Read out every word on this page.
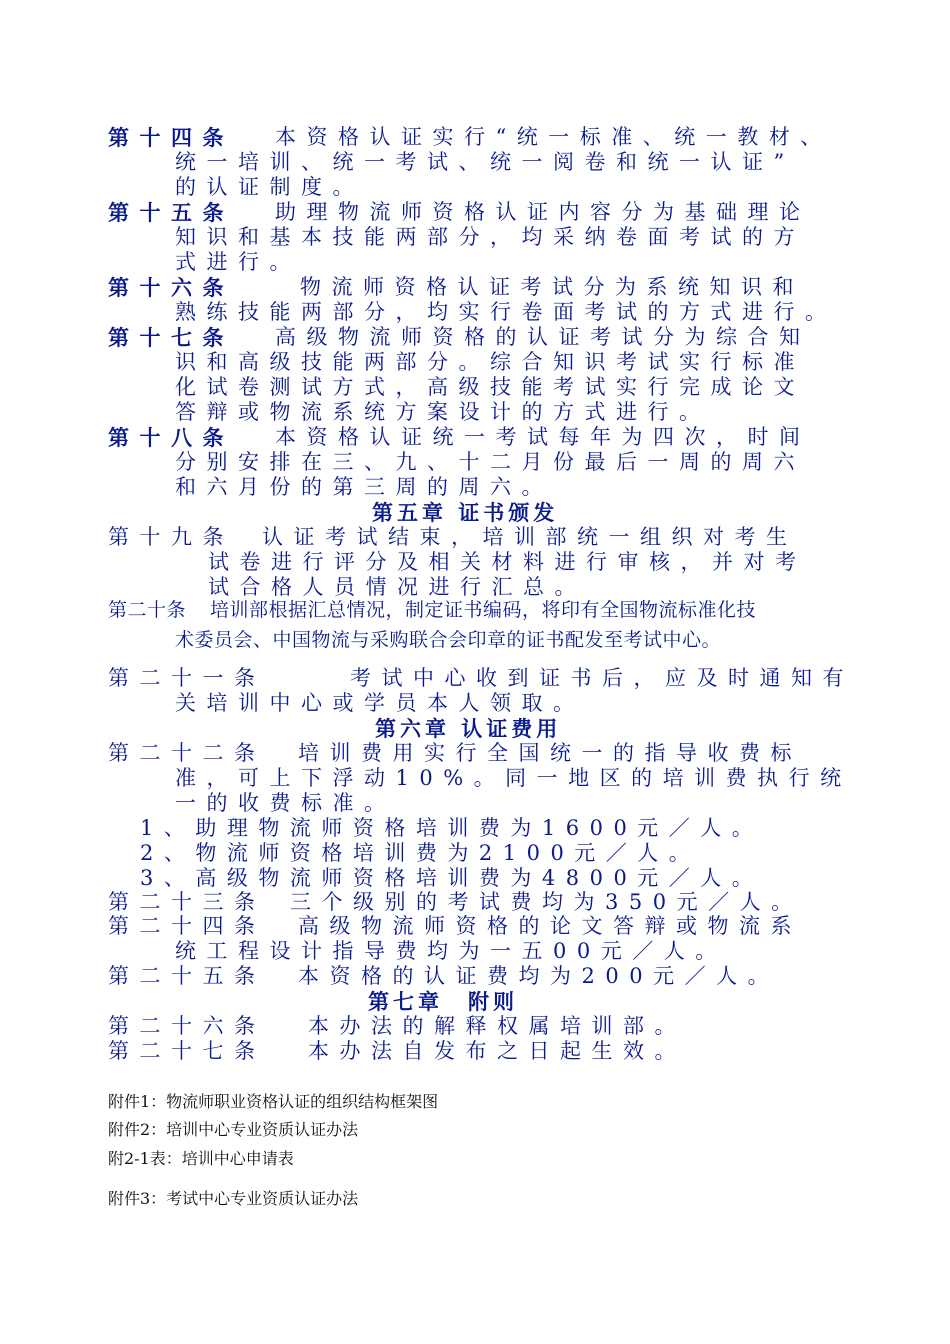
第十四条 本资格认证实行“统一标准、统一教材、
统一培训、统一考试、统一阅卷和统一认证”
的认证制度。
第十五条 助理物流师资格认证内容分为基础理论
知识和基本技能两部分，均采纳卷面考试的方
式进行。
第十六条	物流师资格认证考试分为系统知识和
熟练技能两部分，均实行卷面考试的方式进行。
第十七条 高级物流师资格的认证考试分为综合知
识和高级技能两部分。综合知识考试实行标准
化试卷测试方式，高级技能考试实行完成论文
答辩或物流系统方案设计的方式进行。
第十八条 本资格认证统一考试每年为四次，时间
分别安排在三、九、十二月份最后一周的周六
和六月份的第三周的周六。
第五章 证书颁发
第十九条 认证考试结束，培训部统一组织对考生
试卷进行评分及相关材料进行审核，并对考
试合格人员情况进行汇总。
第二十条 培训部根据汇总情况，制定证书编码，将印有全国物流标准化技
术委员会、中国物流与采购联合会印章的证书配发至考试中心。
第二十一条	考试中心收到证书后，应及时通知有
关培训中心或学员本人领取。
第六章 认证费用
第二十二条 培训费用实行全国统一的指导收费标
准，可上下浮动10%。同一地区的培训费执行统
一的收费标准。
1、助理物流师资格培训费为1600元／人。
2、物流师资格培训费为2100元／人。
3、高级物流师资格培训费为4800元／人。
第二十三条 三个级别的考试费均为350元／人。
第二十四条 高级物流师资格的论文答辩或物流系
统工程设计指导费均为一五00元／人。
第二十五条 本资格的认证费均为200元／人。
第七章　附则
第二十六条 本办法的解释权属培训部。
第二十七条 本办法自发布之日起生效。
附件1：物流师职业资格认证的组织结构框架图
附件2：培训中心专业资质认证办法
附2-1表：培训中心申请表
附件3：考试中心专业资质认证办法
